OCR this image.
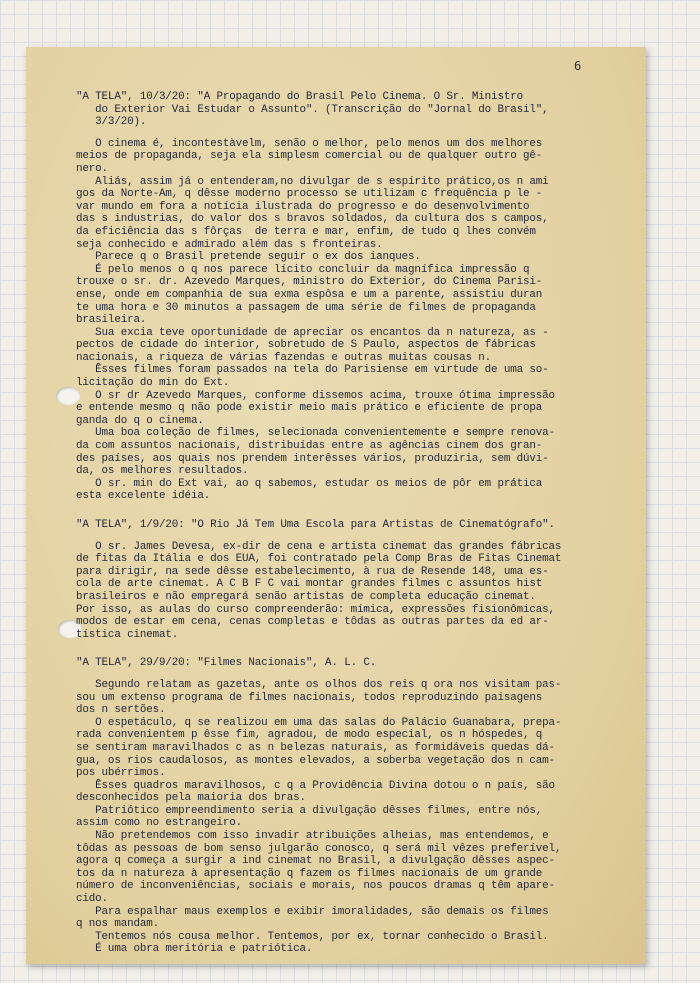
6
"A TELA", 10/3/20: "A Propagando do Brasil Pelo Cinema. O Sr. Ministro
do Exterior Vai Estudar o Assunto". (Transcrição do "Jornal do Brasil",
3/3/20).
O cinema é, incontestàvelm, senão o melhor, pelo menos um dos melhores
meios de propaganda, seja ela simplesm comercial ou de qualquer outro gê-
nero.
Aliás, assim já o entenderam,no divulgar de s espírito prático,os n ami
gos da Norte-Am, q dêsse moderno processo se utilizam c frequência p le -
var mundo em fora a notícia ilustrada do progresso e do desenvolvimento
das s industrias, do valor dos s bravos soldados, da cultura dos s campos,
da eficiência das s fôrças  de terra e mar, enfim, de tudo q lhes convém
seja conhecido e admirado além das s fronteiras.
Parece q o Brasil pretende seguir o ex dos ianques.
É pelo menos o q nos parece lícito concluir da magnífica impressão q
trouxe o sr. dr. Azevedo Marques, ministro do Exterior, do Cinema Parisi-
ense, onde em companhia de sua exma espôsa e um a parente, assistiu duran
te uma hora e 30 minutos a passagem de uma série de filmes de propaganda
brasileira.
Sua excia teve oportunidade de apreciar os encantos da n natureza, as -
pectos de cidade do interior, sobretudo de S Paulo, aspectos de fábricas
nacionais, a riqueza de várias fazendas e outras muitas cousas n.
Êsses filmes foram passados na tela do Parisiense em virtude de uma so-
licitação do min do Ext.
O sr dr Azevedo Marques, conforme dissemos acima, trouxe ótima impressão
e entende mesmo q não pode existir meio mais prático e eficiente de propa
ganda do q o cinema.
Uma boa coleção de filmes, selecionada convenientemente e sempre renova-
da com assuntos nacionais, distribuídas entre as agências cinem dos gran-
des países, aos quais nos prendem interêsses vários, produziria, sem dúvi-
da, os melhores resultados.
O sr. min do Ext vai, ao q sabemos, estudar os meios de pôr em prática
esta excelente idéia.
"A TELA", 1/9/20: "O Rio Já Tem Uma Escola para Artistas de Cinematógrafo".
O sr. James Devesa, ex-dir de cena e artista cinemat das grandes fábricas
de fitas da Itália e dos EUA, foi contratado pela Comp Bras de Fitas Cinemat
para dirigir, na sede dêsse estabelecimento, à rua de Resende 148, uma es-
cola de arte cinemat. A C B F C vai montar grandes filmes c assuntos hist
brasileiros e não empregará senão artistas de completa educação cinemat.
Por isso, as aulas do curso compreenderão: mímica, expressões fisionômicas,
modos de estar em cena, cenas completas e tôdas as outras partes da ed ar-
tística cinemat.
"A TELA", 29/9/20: "Filmes Nacionais", A. L. C.
Segundo relatam as gazetas, ante os olhos dos reis q ora nos visitam pas-
sou um extenso programa de filmes nacionais, todos reproduzindo paisagens
dos n sertões.
O espetáculo, q se realizou em uma das salas do Palácio Guanabara, prepa-
rada convenientem p êsse fim, agradou, de modo especial, os n hóspedes, q
se sentiram maravilhados c as n belezas naturais, as formidáveis quedas dá-
gua, os rios caudalosos, as montes elevados, a soberba vegetação dos n cam-
pos ubérrimos.
Êsses quadros maravilhosos, c q a Providência Divina dotou o n país, são
desconhecidos pela maioria dos bras.
Patriótico empreendimento seria a divulgação dêsses filmes, entre nós,
assim como no estrangeiro.
Não pretendemos com isso invadir atribuições alheias, mas entendemos, e
tôdas as pessoas de bom senso julgarão conosco, q será mil vêzes preferível,
agora q começa a surgir a ind cinemat no Brasil, a divulgação dêsses aspec-
tos da n natureza à apresentação q fazem os filmes nacionais de um grande
número de inconveniências, sociais e morais, nos poucos dramas q têm apare-
cido.
Para espalhar maus exemplos e exibir imoralidades, são demais os filmes
q nos mandam.
Tentemos nós cousa melhor. Tentemos, por ex, tornar conhecido o Brasil.
É uma obra meritória e patriótica.
